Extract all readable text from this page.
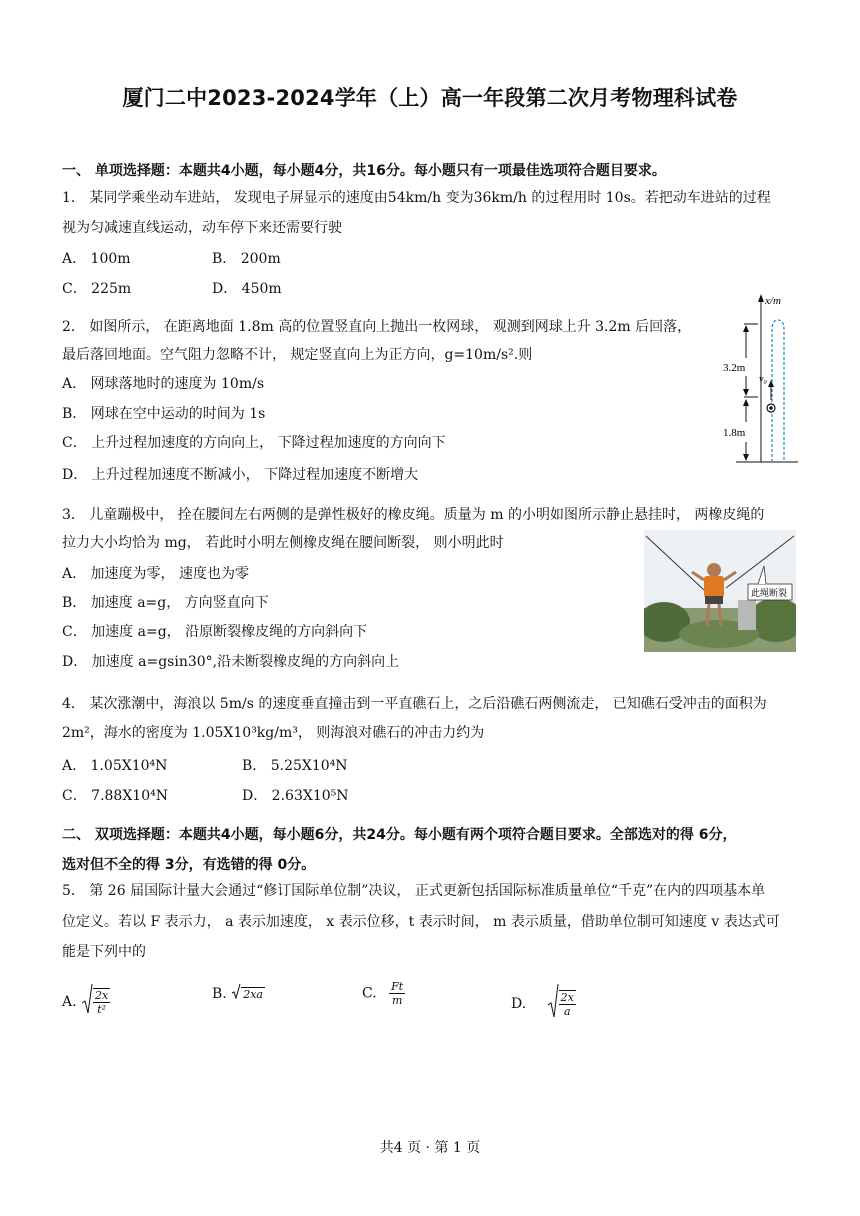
厦门二中2023-2024学年（上）高一年段第二次月考物理科试卷
一、 单项选择题：本题共4小题，每小题4分，共16分。每小题只有一项最佳选项符合题目要求。
1． 某同学乘坐动车进站， 发现电子屏显示的速度由54km/h 变为36km/h 的过程用时 10s。若把动车进站的过程
视为匀减速直线运动，动车停下来还需要行驶
A． 100m	B． 200m
C． 225m	D． 450m
2． 如图所示， 在距离地面 1.8m 高的位置竖直向上抛出一枚网球， 观测到网球上升 3.2m 后回落，
最后落回地面。空气阻力忽略不计， 规定竖直向上为正方向，g=10m/s².则
A． 网球落地时的速度为 10m/s
B． 网球在空中运动的时间为 1s
C． 上升过程加速度的方向向上， 下降过程加速度的方向向下
D． 上升过程加速度不断减小， 下降过程加速度不断增大
x/m
3.2m
1.8m
v₀
3． 儿童蹦极中， 拴在腰间左右两侧的是弹性极好的橡皮绳。质量为 m 的小明如图所示静止悬挂时， 两橡皮绳的
拉力大小均恰为 mg， 若此时小明左侧橡皮绳在腰间断裂， 则小明此时
A． 加速度为零， 速度也为零
B． 加速度 a=g， 方向竖直向下
C． 加速度 a=g， 沿原断裂橡皮绳的方向斜向下
D． 加速度 a=gsin30°,沿未断裂橡皮绳的方向斜向上
此绳断裂
4． 某次涨潮中，海浪以 5m/s 的速度垂直撞击到一平直礁石上，之后沿礁石两侧流走， 已知礁石受冲击的面积为
2m²，海水的密度为 1.05X10³kg/m³， 则海浪对礁石的冲击力约为
A． 1.05X10⁴N	B． 5.25X10⁴N
C． 7.88X10⁴N	D． 2.63X10⁵N
二、 双项选择题：本题共4小题，每小题6分，共24分。每小题有两个项符合题目要求。全部选对的得 6分，
选对但不全的得 3分，有选错的得 0分。
5． 第 26 届国际计量大会通过“修订国际单位制”决议， 正式更新包括国际标准质量单位“千克”在内的四项基本单
位定义。若以 F 表示力， a 表示加速度， x 表示位移，t 表示时间， m 表示质量，借助单位制可知速度 v 表达式可
能是下列中的
A. $\frac{2x}{\text{t²}}$	B. 2xa	C. $\frac{Ft}{m}$	D.	$\frac{2x}{a}$
共4 页 · 第 1 页
